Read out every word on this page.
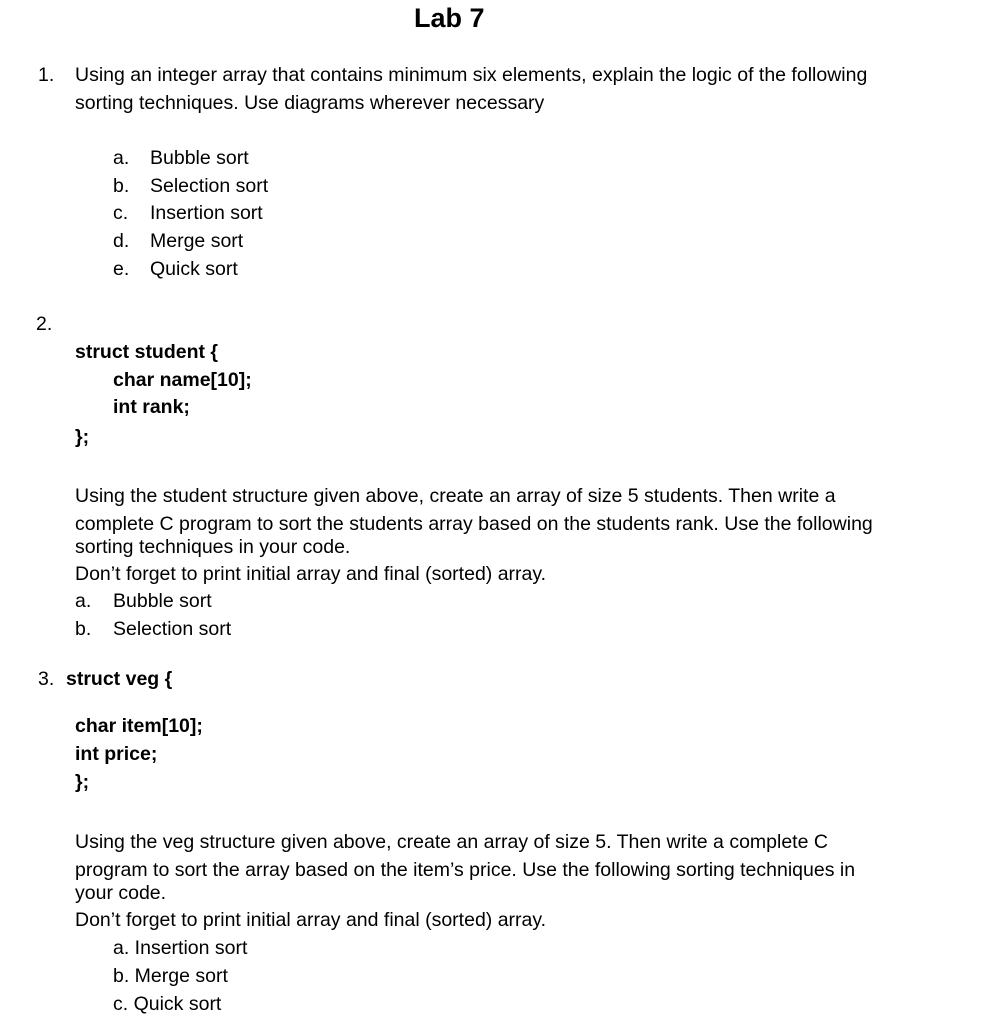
Lab 7
1. Using an integer array that contains minimum six elements, explain the logic of the following
sorting techniques. Use diagrams wherever necessary
a. Bubble sort
b. Selection sort
c. Insertion sort
d. Merge sort
e. Quick sort
2.
struct student {
char name[10];
int rank;
};
Using the student structure given above, create an array of size 5 students. Then write a
complete C program to sort the students array based on the students rank. Use the following
sorting techniques in your code.
Don’t forget to print initial array and final (sorted) array.
a. Bubble sort
b. Selection sort
3. struct veg {
char item[10];
int price;
};
Using the veg structure given above, create an array of size 5. Then write a complete C
program to sort the array based on the item’s price. Use the following sorting techniques in
your code.
Don’t forget to print initial array and final (sorted) array.
a. Insertion sort
b. Merge sort
c. Quick sort
